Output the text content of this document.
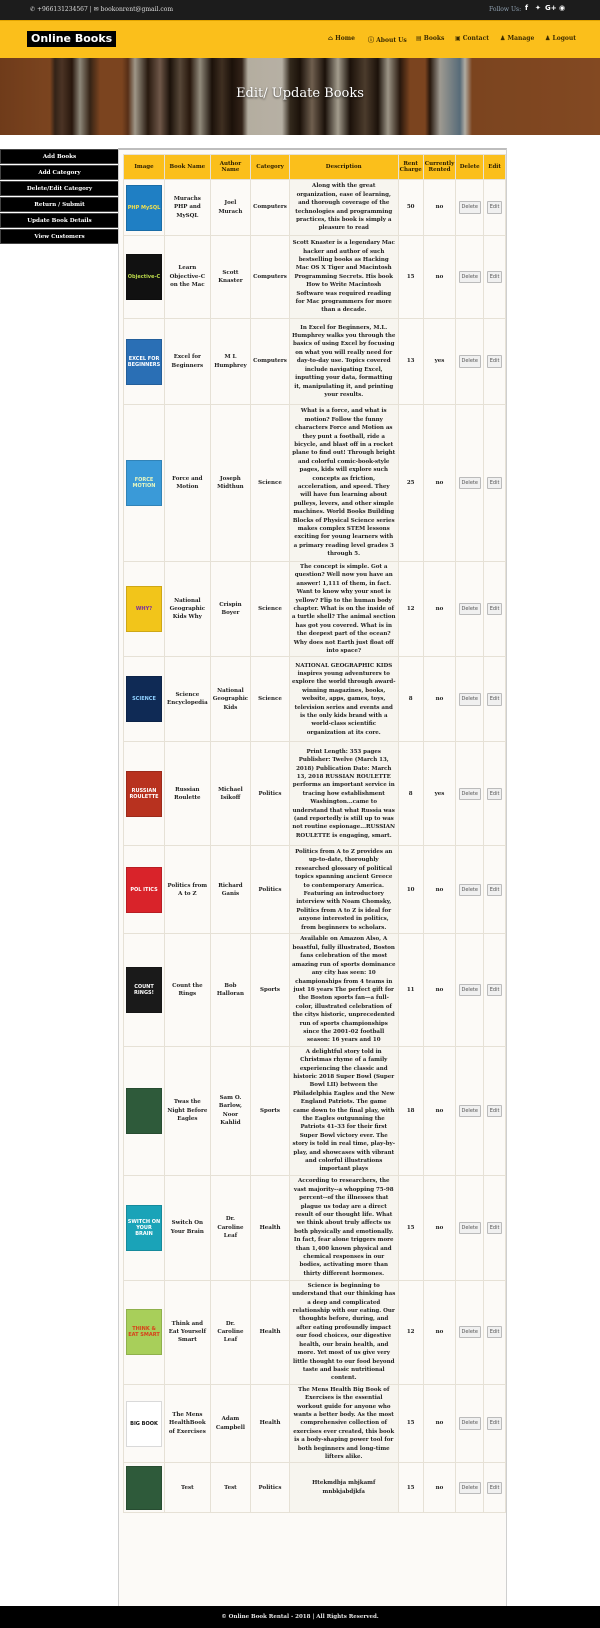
✆ +966131234567 | ✉ bookonrent@gmail.com	Follow Us: f ✦ G+ ◉
Online Books	⌂ Home ⓘ About Us ▤ Books ▣ Contact ♟ Manage ♟ Logout
Edit/ Update Books
Add Books
Add Category
Delete/Edit Category
Return / Submit
Update Book Details
View Customers
Image	Book Name	Author Name	Category	Description	Rent Charge	Currently Rented	Delete	Edit

PHP MySQL	Murachs PHP and MySQL	Joel Murach	Computers	Along with the great organization, ease of learning, and thorough coverage of the technologies and programming practices, this book is simply a pleasure to read	50	no	Delete	Edit

Objective-C	Learn Objective-C on the Mac	Scott Knaster	Computers	Scott Knaster is a legendary Mac hacker and author of such bestselling books as Hacking Mac OS X Tiger and Macintosh Programming Secrets. His book How to Write Macintosh Software was required reading for Mac programmers for more than a decade.	15	no	Delete	Edit

EXCEL FOR BEGINNERS	Excel for Beginners	M L Humphrey	Computers	In Excel for Beginners, M.L. Humphrey walks you through the basics of using Excel by focusing on what you will really need for day-to-day use. Topics covered include navigating Excel, inputting your data, formatting it, manipulating it, and printing your results.	13	yes	Delete	Edit

FORCE MOTION	Force and Motion	Joseph Midthun	Science	What is a force, and what is motion? Follow the funny characters Force and Motion as they punt a football, ride a bicycle, and blast off in a rocket plane to find out! Through bright and colorful comic-book-style pages, kids will explore such concepts as friction, acceleration, and speed. They will have fun learning about pulleys, levers, and other simple machines. World Books Building Blocks of Physical Science series makes complex STEM lessons exciting for young learners with a primary reading level grades 3 through 5.	25	no	Delete	Edit

WHY?	National Geographic Kids Why	Crispin Boyer	Science	The concept is simple. Got a question? Well now you have an answer! 1,111 of them, in fact. Want to know why your snot is yellow? Flip to the human body chapter. What is on the inside of a turtle shell? The animal section has got you covered. What is in the deepest part of the ocean? Why does not Earth just float off into space?	12	no	Delete	Edit

SCIENCE	Science Encyclopedia	National Geographic Kids	Science	NATIONAL GEOGRAPHIC KIDS inspires young adventurers to explore the world through award-winning magazines, books, website, apps, games, toys, television series and events and is the only kids brand with a world-class scientific organization at its core.	8	no	Delete	Edit

RUSSIAN ROULETTE	Russian Roulette	Michael Isikoff	Politics	Print Length: 353 pages Publisher: Twelve (March 13, 2018) Publication Date: March 13, 2018 RUSSIAN ROULETTE performs an important service in tracing how establishment Washington...came to understand that what Russia was (and reportedly is still up to was not routine espionage...RUSSIAN ROULETTE is engaging, smart.	8	yes	Delete	Edit

POL ITICS	Politics from A to Z	Richard Ganis	Politics	Politics from A to Z provides an up-to-date, thoroughly researched glossary of political topics spanning ancient Greece to contemporary America. Featuring an introductory interview with Noam Chomsky, Politics from A to Z is ideal for anyone interested in politics, from beginners to scholars.	10	no	Delete	Edit

COUNT RINGS!	Count the Rings	Bob Halloran	Sports	Available on Amazon Also, A boastful, fully illustrated, Boston fans celebration of the most amazing run of sports dominance any city has seen: 10 championships from 4 teams in just 16 years The perfect gift for the Boston sports fan—a full-color, illustrated celebration of the citys historic, unprecedented run of sports championships since the 2001-02 football season: 16 years and 10	11	no	Delete	Edit

	Twas the Night Before Eagles	Sam O. Barlow, Noor Kahlid	Sports	A delightful story told in Christmas rhyme of a family experiencing the classic and historic 2018 Super Bowl (Super Bowl LII) between the Philadelphia Eagles and the New England Patriots. The game came down to the final play, with the Eagles outgunning the Patriots 41–33 for their first Super Bowl victory ever. The story is told in real time, play-by-play, and showcases with vibrant and colorful illustrations important plays	18	no	Delete	Edit

SWITCH ON YOUR BRAIN	Switch On Your Brain	Dr. Caroline Leaf	Health	According to researchers, the vast majority--a whopping 75-98 percent--of the illnesses that plague us today are a direct result of our thought life. What we think about truly affects us both physically and emotionally. In fact, fear alone triggers more than 1,400 known physical and chemical responses in our bodies, activating more than thirty different hormones.	15	no	Delete	Edit

THINK & EAT SMART	Think and Eat Yourself Smart	Dr. Caroline Leaf	Health	Science is beginning to understand that our thinking has a deep and complicated relationship with our eating. Our thoughts before, during, and after eating profoundly impact our food choices, our digestive health, our brain health, and more. Yet most of us give very little thought to our food beyond taste and basic nutritional content.	12	no	Delete	Edit

BIG BOOK	The Mens HealthBook of Exercises	Adam Campbell	Health	The Mens Health Big Book of Exercises is the essential workout guide for anyone who wants a better body. As the most comprehensive collection of exercises ever created, this book is a body-shaping power tool for both beginners and long-time lifters alike.	15	no	Delete	Edit

	Test	Test	Politics	Htekmdbja mbjkamf mnbkjabdjkfa	15	no	Delete	Edit
© Online Book Rental - 2018 | All Rights Reserved.
